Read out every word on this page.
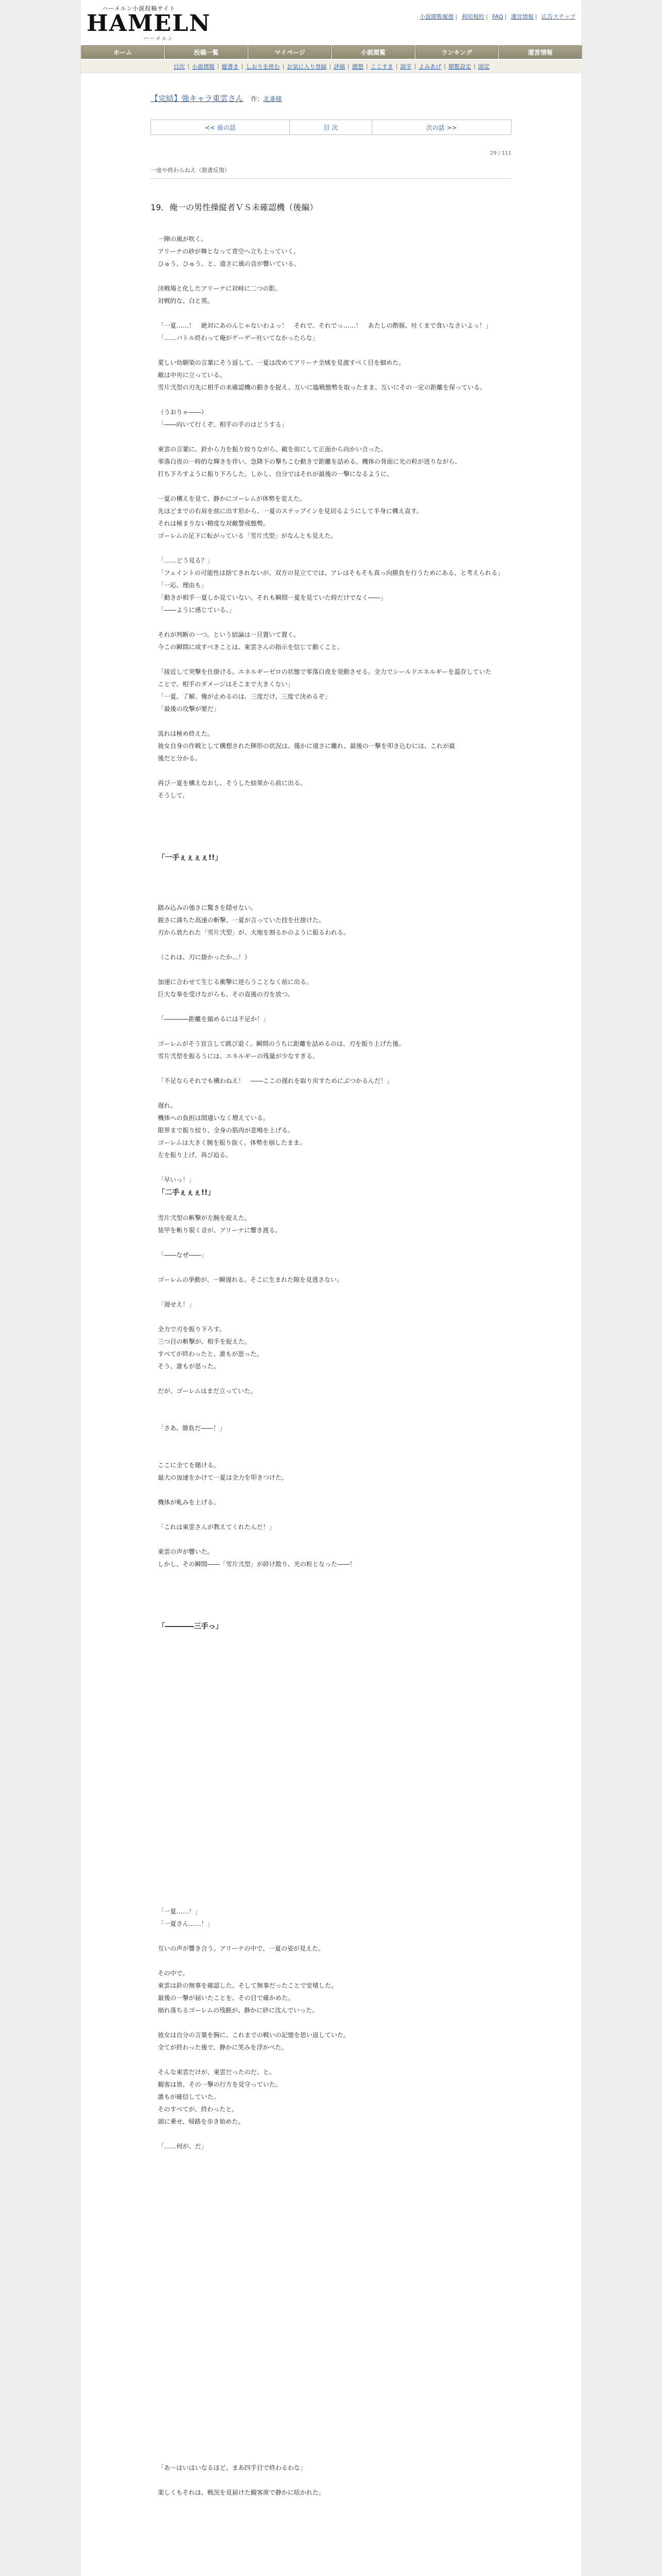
ハーメルン小説投稿サイト
HAMELN
ハーメルン
小説閲覧履歴 | 利用規約 | FAQ | 運営情報 | 広告ステップ
ホーム	投稿一覧	マイページ	小説閲覧	ランキング	運営情報
目次 | 小説情報 | 縦書き | しおりを挟む | お気に入り登録 | 評価 | 感想 | ここすき | 誤字 | よみあげ | 閲覧設定 | 固定
【完結】強キャラ東雲さん 作：北斎様
<< 前の話	目 次	次の話 >>
29 / 111
一度や終わらねえ（筋書反復）
19．俺一の男性操縦者ＶＳ未確認機（後編）

一陣の風が吹く。

アリーナの砂が舞となって青空へ立ち上っていく。

ひゅう、ひゅう、と、遠さに風の音が響いている。

決戦場と化したアリーナに対峙に二つの影。

対戦的な、白と黒。

「一夏……！　絶対にあのんじゃないわよっ！　それで、それでっ……！　あたしの酢豚、吐くまで食いなさいよっ！」

「……バトル終わって俺がゲーゲー吐いてなかったらな」

愛しい幼馴染の言葉にそう返して、一夏は改めてアリーナ全域を見渡すべく目を細めた。

敵は中央に立っている。

雪片弐型の刃先に相手の未確認機の動きを捉え、互いに臨戦態勢を取ったまま、互いにその一定の距離を保っている。

（うおりゃ――）

「――向いて行くぞ、相手の手のはどうする」

東雲の言葉に、鈴から力を振り絞りながら、敵を前にして正面から向かい合った。

零落白夜の一時的な輝きを伴い、急降下の撃ちこむ動きで距離を詰める。機体の背面に光の粒が迸りながら、

打ち下ろすように振り下ろした。しかし、自分ではそれが最後の一撃になるように、

一夏の構えを見て、静かにゴーレムが体勢を変えた。

先ほどまでの右肩を前に出す形から、一夏のステップインを見切るようにして半身に構え直す。

それは極まりない精度な対敵警戒態勢。

ゴーレムの足下に転がっている「雪片弐型」がなんとも見えた。

「……どう見る？」

「フェイントの可能性は捨てきれないが、双方の見立てでは、アレはそもそも真っ向勝負を行うためにある、と考えられる」

「一応、理由も」

「動きが相手一夏しか見ていない。それも瞬間一夏を見ていた時だけでなく――」

「――ように感じている。」

それが判断の一つ。という結論は一旦置いて置く。

今この瞬間に成すべきことは、東雲さんの指示を信じて動くこと。

「接近して突撃を仕掛ける。エネルギーゼロの状態で零落白夜を発動させる。全力でシールドエネルギーを温存していた

ことで、相手のダメージはそこまで大きくない」

「一夏、了解。俺が止めるのは、三度だけ。三度で決めるぞ」

「最後の攻撃が要だ」

流れは極め終えた。

彼女自身の作戦として構想された陣形の状況は、僅かに遠さに離れ、最後の一撃を叩き込むには、これが最

後だと分かる。

再び一夏を構えなおし、そうした結果から前に出る。

そうして、

「一手ぇぇぇぇ!!」

踏み込みの強さに驚きを隠せない。

鋭さに満ちた高速の斬撃、一夏が言っていた技を仕掛けた。

刃から放たれた「雪片弐型」が、大地を割るかのように振るわれる。

（これは、刃に掛かったか…！）

加速に合わせて生じる衝撃に逆らうことなく前に出る。

巨大な拳を受けながらも、その直後の刃を放つ。

「――――距離を縮めるには不足か！」

ゴーレムがそう宣言して跳び退く。瞬間のうちに距離を詰めるのは、刃を振り上げた後。

雪片弐型を振るうには、エネルギーの残量が少なすぎる。

「不足ならそれでも構わねえ！　――ここの遅れを取り戻すためにぶつかるんだ！」

遅れ。

機体への負担は間違いなく増えている。

限界まで振り絞り、全身の筋肉が悲鳴を上げる。

ゴーレムは大きく腕を振り抜く。体勢を崩したまま。

左を振り上げ、再び迫る。

「早いっ！」

「二手ぇぇぇ!!」

雪片弐型の斬撃が左腕を捉えた。

装甲を斬り裂く音が、アリーナに響き渡る。

「――なぜ――」

ゴーレムの挙動が、一瞬遅れる。そこに生まれた隙を見逃さない。

「遅せえ！」

全力で刃を振り下ろす。

三つ目の斬撃が、相手を捉えた。

すべてが終わったと、誰もが思った。

そう、誰もが思った。

だが、ゴーレムはまだ立っていた。

「さあ、勝負だ――！」

ここに全てを賭ける。

最大の加速をかけて一夏は全力を叩きつけた。

機体が軋みを上げる。

「これは東雲さんが教えてくれたんだ！」

東雲の声が響いた。

しかし、その瞬間――「雪片弐型」が砕け散り、光の粒となった――！

「――――三手っ」

「一夏……！」

「一夏さん……！」

互いの声が響き合う。アリーナの中で、一夏の姿が見えた。

その中で。

東雲は鈴の無事を確認した。そして無事だったことで安堵した。

最後の一撃が届いたことを、その目で確かめた。

崩れ落ちるゴーレムの残骸が、静かに砂に沈んでいった。

彼女は自分の言葉を胸に、これまでの戦いの記憶を思い返していた。

全てが終わった後で、静かに笑みを浮かべた。

そんな東雲だけが、東雲だったのだ、と。

観客は皆、その一撃の行方を見守っていた。

誰もが確信していた。

そのすべてが、終わったと。

頭に乗せ、帰路を歩き始めた。

「……何が、だ」

「あ～はいはいなるほど。まあ四手目で終わるわな」

楽しくもそれは、戦況を見届けた観客席で静かに呟かれた。
